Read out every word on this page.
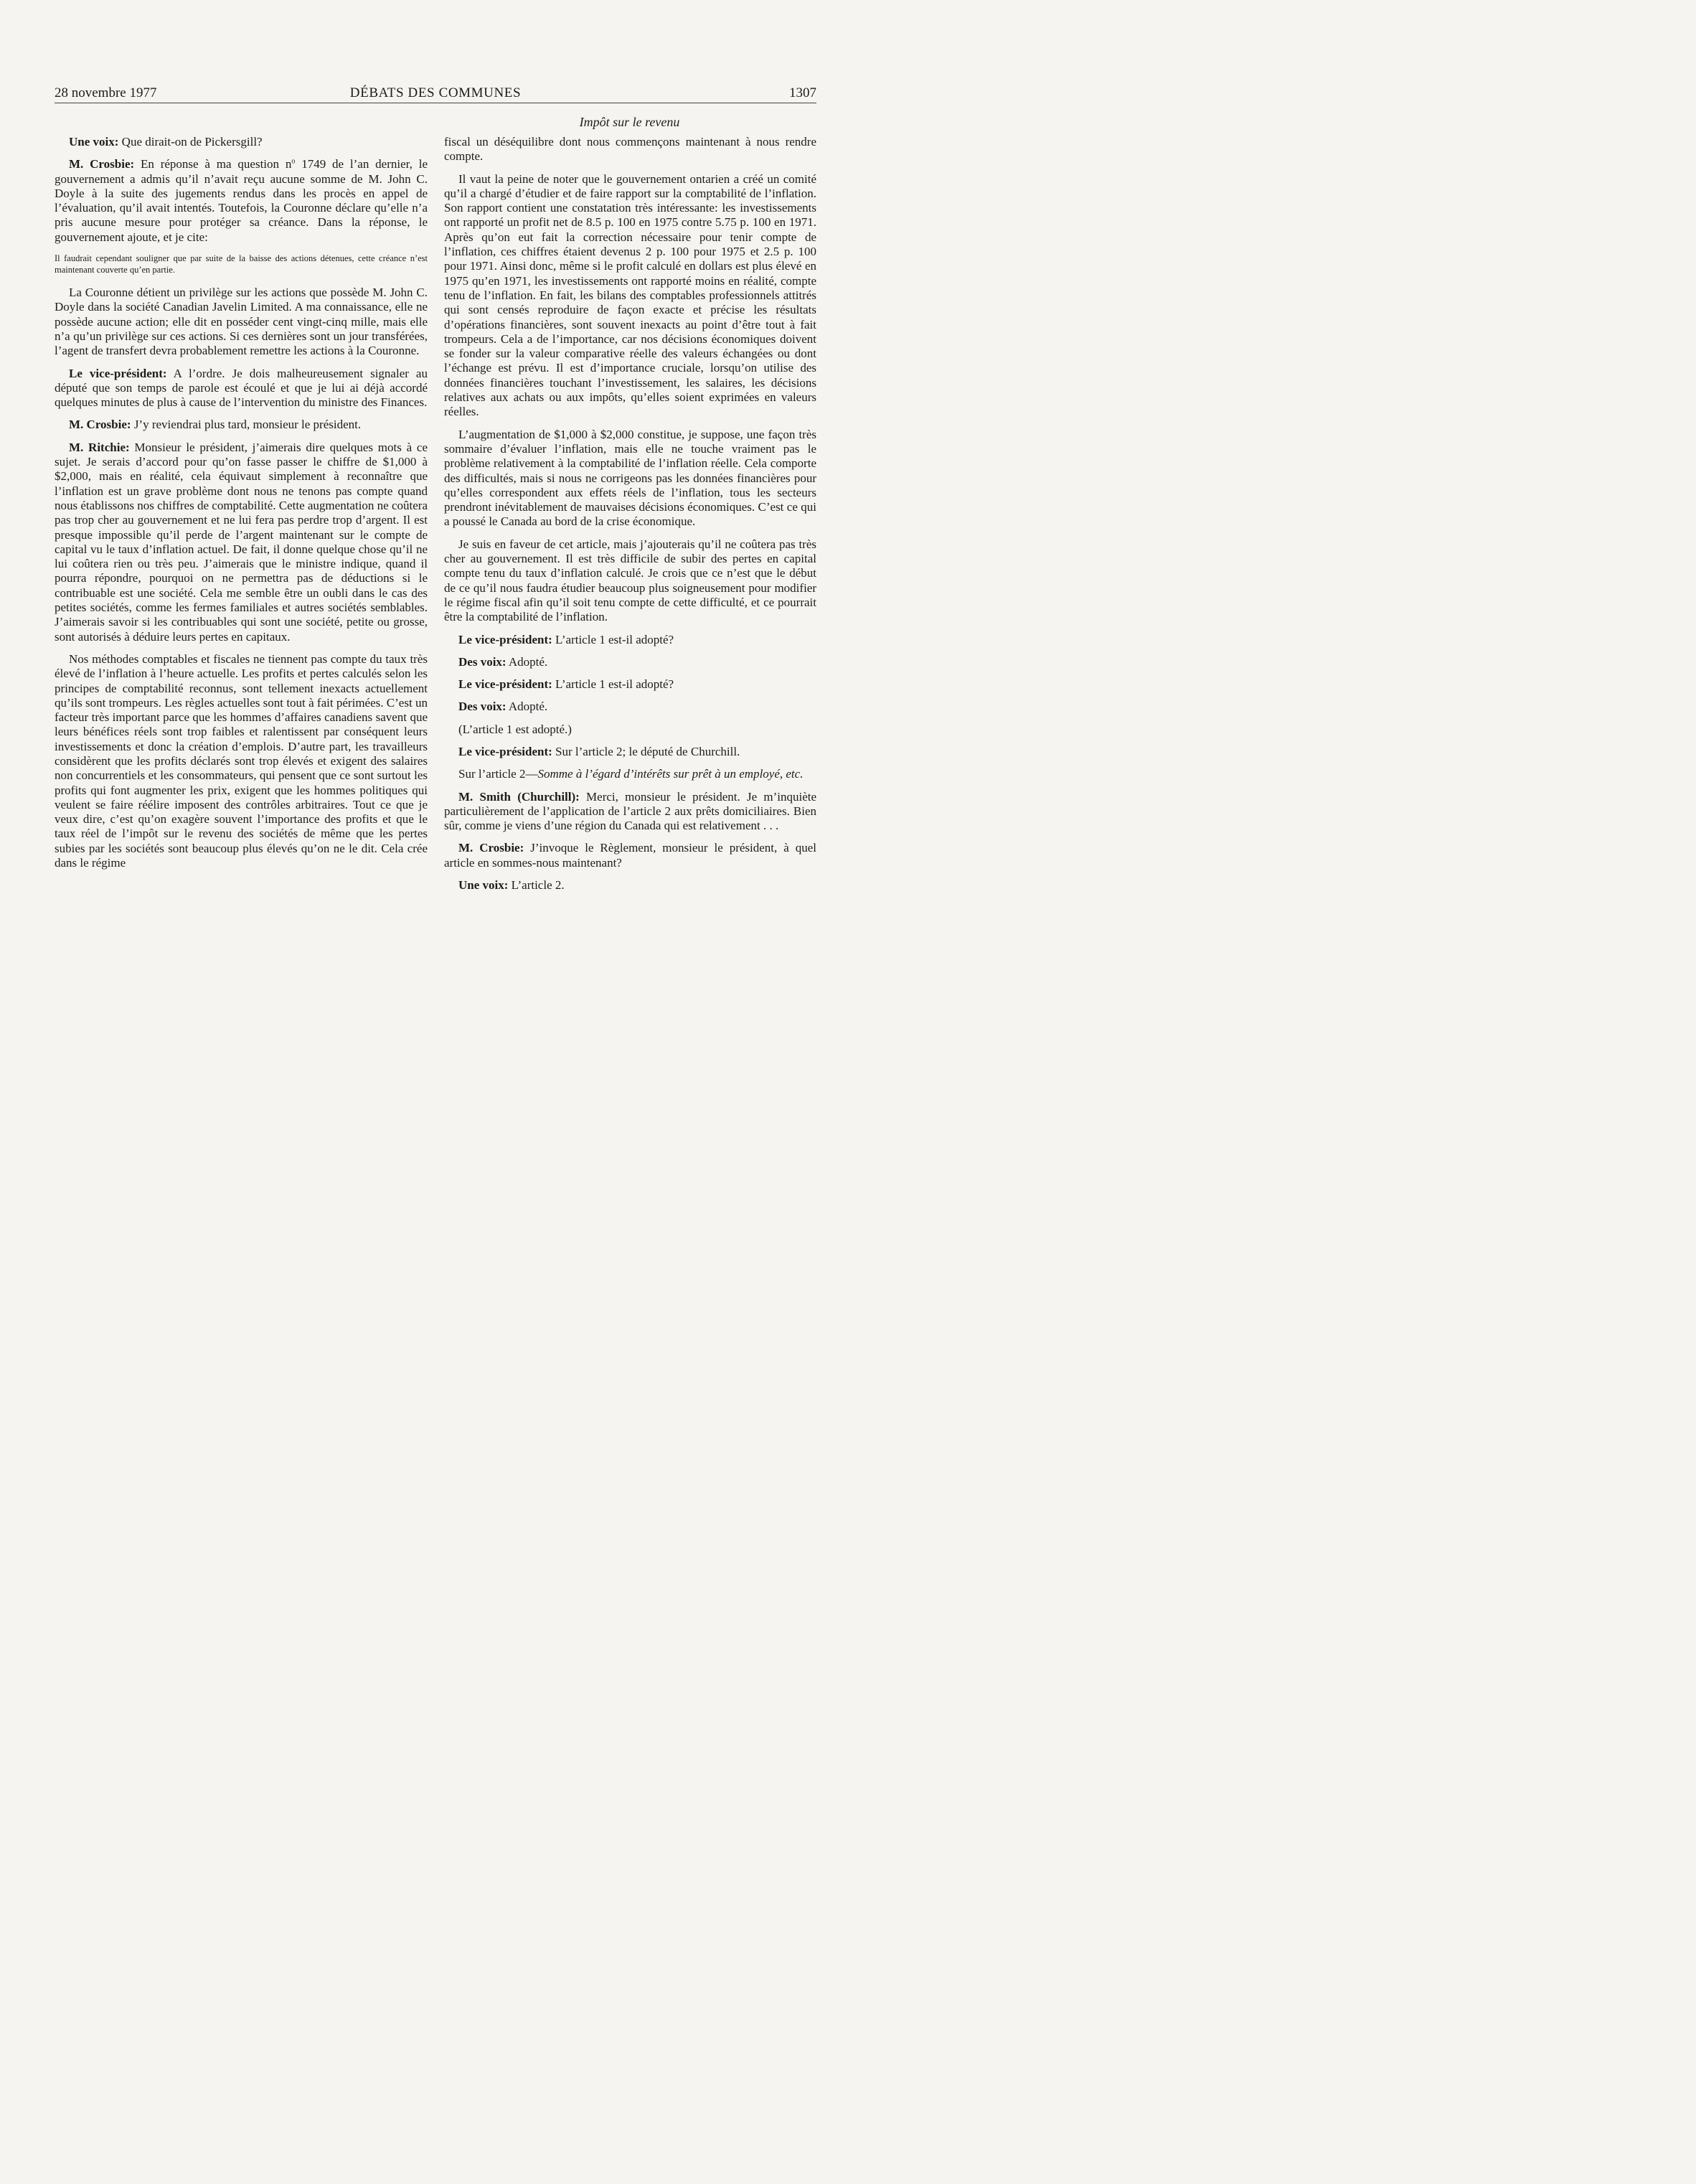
28 novembre 1977	DÉBATS DES COMMUNES	1307
Impôt sur le revenu

Une voix: Que dirait-on de Pickersgill?

M. Crosbie: En réponse à ma question $n^o$ 1749 de l’an dernier, le gouvernement a admis qu’il n’avait reçu aucune somme de M. John C. Doyle à la suite des jugements rendus dans les procès en appel de l’évaluation, qu’il avait intentés. Toutefois, la Couronne déclare qu’elle n’a pris aucune mesure pour protéger sa créance. Dans la réponse, le gouvernement ajoute, et je cite:

Il faudrait cependant souligner que par suite de la baisse des actions détenues, cette créance n’est maintenant couverte qu’en partie.

La Couronne détient un privilège sur les actions que possède M. John C. Doyle dans la société Canadian Javelin Limited. A ma connaissance, elle ne possède aucune action; elle dit en posséder cent vingt-cinq mille, mais elle n’a qu’un privilège sur ces actions. Si ces dernières sont un jour transférées, l’agent de transfert devra probablement remettre les actions à la Couronne.

Le vice-président: A l’ordre. Je dois malheureusement signaler au député que son temps de parole est écoulé et que je lui ai déjà accordé quelques minutes de plus à cause de l’intervention du ministre des Finances.

M. Crosbie: J’y reviendrai plus tard, monsieur le président.

M. Ritchie: Monsieur le président, j’aimerais dire quelques mots à ce sujet. Je serais d’accord pour qu’on fasse passer le chiffre de $1,000 à $2,000, mais en réalité, cela équivaut simplement à reconnaître que l’inflation est un grave problème dont nous ne tenons pas compte quand nous établissons nos chiffres de comptabilité. Cette augmentation ne coûtera pas trop cher au gouvernement et ne lui fera pas perdre trop d’argent. Il est presque impossible qu’il perde de l’argent maintenant sur le compte de capital vu le taux d’inflation actuel. De fait, il donne quelque chose qu’il ne lui coûtera rien ou très peu. J’aimerais que le ministre indique, quand il pourra répondre, pourquoi on ne permettra pas de déductions si le contribuable est une société. Cela me semble être un oubli dans le cas des petites sociétés, comme les fermes familiales et autres sociétés semblables. J’aimerais savoir si les contribuables qui sont une société, petite ou grosse, sont autorisés à déduire leurs pertes en capitaux.

Nos méthodes comptables et fiscales ne tiennent pas compte du taux très élevé de l’inflation à l’heure actuelle. Les profits et pertes calculés selon les principes de comptabilité reconnus, sont tellement inexacts actuellement qu’ils sont trompeurs. Les règles actuelles sont tout à fait périmées. C’est un facteur très important parce que les hommes d’affaires canadiens savent que leurs bénéfices réels sont trop faibles et ralentissent par conséquent leurs investissements et donc la création d’emplois. D’autre part, les travailleurs considèrent que les profits déclarés sont trop élevés et exigent des salaires non concurrentiels et les consommateurs, qui pensent que ce sont surtout les profits qui font augmenter les prix, exigent que les hommes politiques qui veulent se faire réélire imposent des contrôles arbitraires. Tout ce que je veux dire, c’est qu’on exagère souvent l’importance des profits et que le taux réel de l’impôt sur le revenu des sociétés de même que les pertes subies par les sociétés sont beaucoup plus élevés qu’on ne le dit. Cela crée dans le régime

fiscal un déséquilibre dont nous commençons maintenant à nous rendre compte.

Il vaut la peine de noter que le gouvernement ontarien a créé un comité qu’il a chargé d’étudier et de faire rapport sur la comptabilité de l’inflation. Son rapport contient une constatation très intéressante: les investissements ont rapporté un profit net de 8.5 p. 100 en 1975 contre 5.75 p. 100 en 1971. Après qu’on eut fait la correction nécessaire pour tenir compte de l’inflation, ces chiffres étaient devenus 2 p. 100 pour 1975 et 2.5 p. 100 pour 1971. Ainsi donc, même si le profit calculé en dollars est plus élevé en 1975 qu’en 1971, les investissements ont rapporté moins en réalité, compte tenu de l’inflation. En fait, les bilans des comptables professionnels attitrés qui sont censés reproduire de façon exacte et précise les résultats d’opérations financières, sont souvent inexacts au point d’être tout à fait trompeurs. Cela a de l’importance, car nos décisions économiques doivent se fonder sur la valeur comparative réelle des valeurs échangées ou dont l’échange est prévu. Il est d’importance cruciale, lorsqu’on utilise des données financières touchant l’investissement, les salaires, les décisions relatives aux achats ou aux impôts, qu’elles soient exprimées en valeurs réelles.

L’augmentation de $1,000 à $2,000 constitue, je suppose, une façon très sommaire d’évaluer l’inflation, mais elle ne touche vraiment pas le problème relativement à la comptabilité de l’inflation réelle. Cela comporte des difficultés, mais si nous ne corrigeons pas les données financières pour qu’elles correspondent aux effets réels de l’inflation, tous les secteurs prendront inévitablement de mauvaises décisions économiques. C’est ce qui a poussé le Canada au bord de la crise économique.

Je suis en faveur de cet article, mais j’ajouterais qu’il ne coûtera pas très cher au gouvernement. Il est très difficile de subir des pertes en capital compte tenu du taux d’inflation calculé. Je crois que ce n’est que le début de ce qu’il nous faudra étudier beaucoup plus soigneusement pour modifier le régime fiscal afin qu’il soit tenu compte de cette difficulté, et ce pourrait être la comptabilité de l’inflation.

Le vice-président: L’article 1 est-il adopté?

Des voix: Adopté.

Le vice-président: L’article 1 est-il adopté?

Des voix: Adopté.

(L’article 1 est adopté.)

Le vice-président: Sur l’article 2; le député de Churchill.

Sur l’article 2—Somme à l’égard d’intérêts sur prêt à un employé, etc.

M. Smith (Churchill): Merci, monsieur le président. Je m’inquiète particulièrement de l’application de l’article 2 aux prêts domiciliaires. Bien sûr, comme je viens d’une région du Canada qui est relativement . . .

M. Crosbie: J’invoque le Règlement, monsieur le président, à quel article en sommes-nous maintenant?

Une voix: L’article 2.
